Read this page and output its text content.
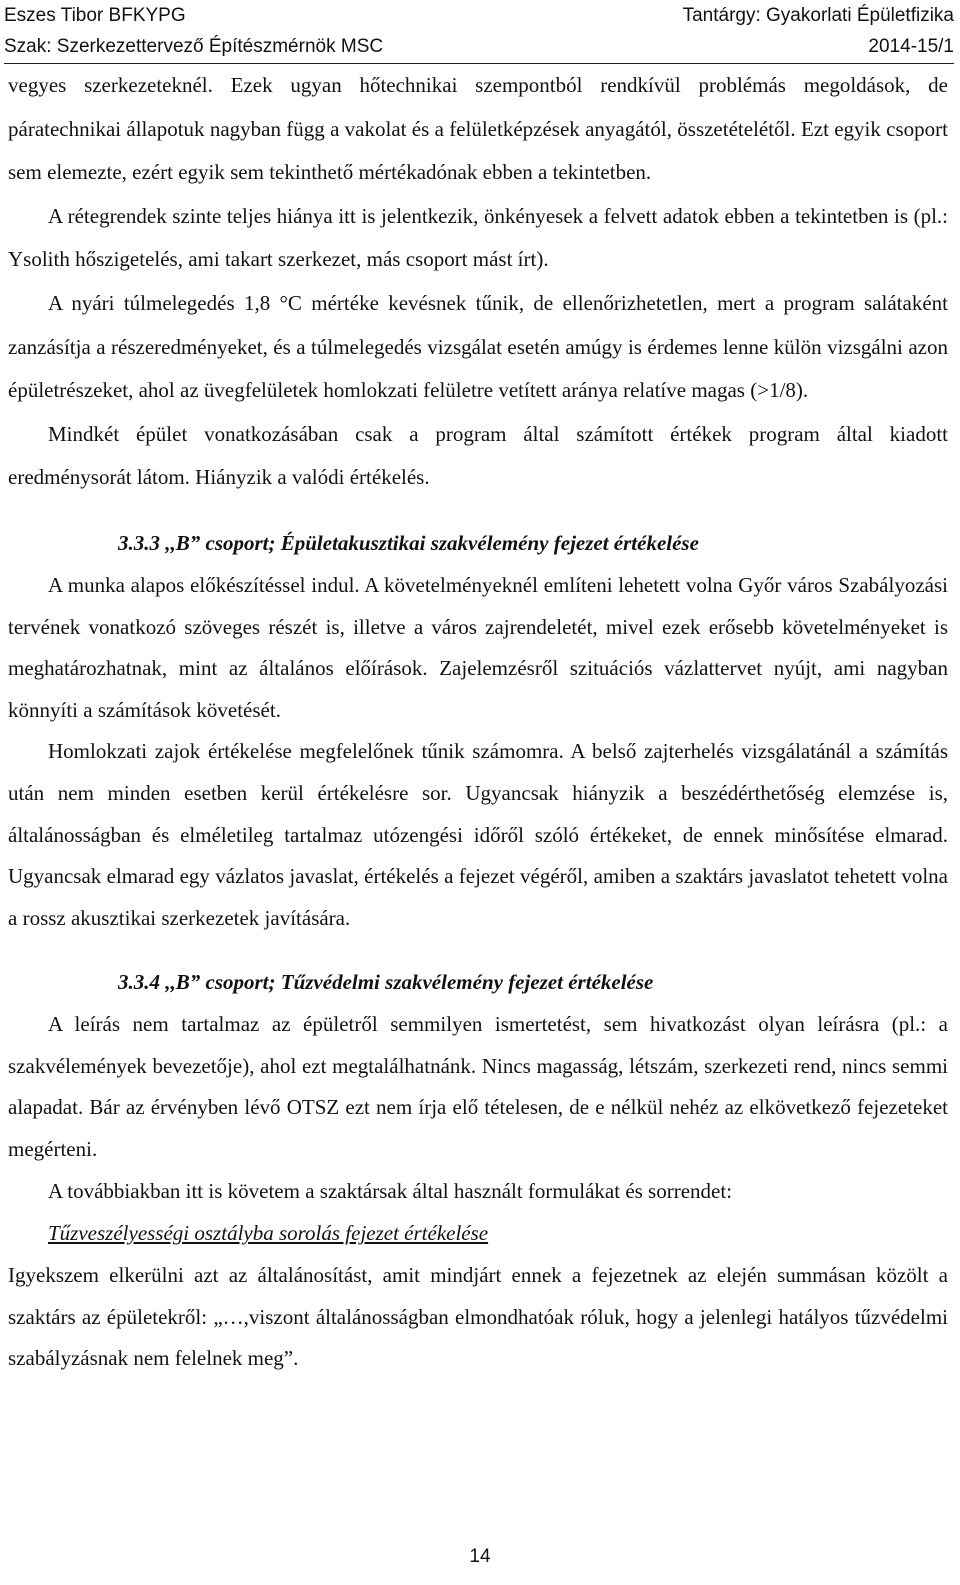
Eszes Tibor BFKYPG	Tantárgy: Gyakorlati Épületfizika
Szak: Szerkezettervező Építészmérnök MSC	2014-15/1

vegyes szerkezeteknél. Ezek ugyan hőtechnikai szempontból rendkívül problémás megoldások, de páratechnikai állapotuk nagyban függ a vakolat és a felületképzések anyagától, összetételétől. Ezt egyik csoport sem elemezte, ezért egyik sem tekinthető mértékadónak ebben a tekintetben.

A rétegrendek szinte teljes hiánya itt is jelentkezik, önkényesek a felvett adatok ebben a tekintetben is (pl.: Ysolith hőszigetelés, ami takart szerkezet, más csoport mást írt).

A nyári túlmelegedés 1,8 °C mértéke kevésnek tűnik, de ellenőrizhetetlen, mert a program salátaként zanzásítja a részeredményeket, és a túlmelegedés vizsgálat esetén amúgy is érdemes lenne külön vizsgálni azon épületrészeket, ahol az üvegfelületek homlokzati felületre vetített aránya relatíve magas (>1/8).

Mindkét épület vonatkozásában csak a program által számított értékek program által kiadott eredménysorát látom. Hiányzik a valódi értékelés.

3.3.3 ,,B” csoport; Épületakusztikai szakvélemény fejezet értékelése

A munka alapos előkészítéssel indul. A követelményeknél említeni lehetett volna Győr város Szabályozási tervének vonatkozó szöveges részét is, illetve a város zajrendeletét, mivel ezek erősebb követelményeket is meghatározhatnak, mint az általános előírások. Zajelemzésről szituációs vázlattervet nyújt, ami nagyban könnyíti a számítások követését.

Homlokzati zajok értékelése megfelelőnek tűnik számomra. A belső zajterhelés vizsgálatánál a számítás után nem minden esetben kerül értékelésre sor. Ugyancsak hiányzik a beszédérthetőség elemzése is, általánosságban és elméletileg tartalmaz utózengési időről szóló értékeket, de ennek minősítése elmarad. Ugyancsak elmarad egy vázlatos javaslat, értékelés a fejezet végéről, amiben a szaktárs javaslatot tehetett volna a rossz akusztikai szerkezetek javítására.

3.3.4 ,,B” csoport; Tűzvédelmi szakvélemény fejezet értékelése

A leírás nem tartalmaz az épületről semmilyen ismertetést, sem hivatkozást olyan leírásra (pl.: a szakvélemények bevezetője), ahol ezt megtalálhatnánk. Nincs magasság, létszám, szerkezeti rend, nincs semmi alapadat. Bár az érvényben lévő OTSZ ezt nem írja elő tételesen, de e nélkül nehéz az elkövetkező fejezeteket megérteni.

A továbbiakban itt is követem a szaktársak által használt formulákat és sorrendet:

Tűzveszélyességi osztályba sorolás fejezet értékelése

Igyekszem elkerülni azt az általánosítást, amit mindjárt ennek a fejezetnek az elején summásan közölt a szaktárs az épületekről: „…,viszont általánosságban elmondhatóak róluk, hogy a jelenlegi hatályos tűzvédelmi szabályzásnak nem felelnek meg”.

14
